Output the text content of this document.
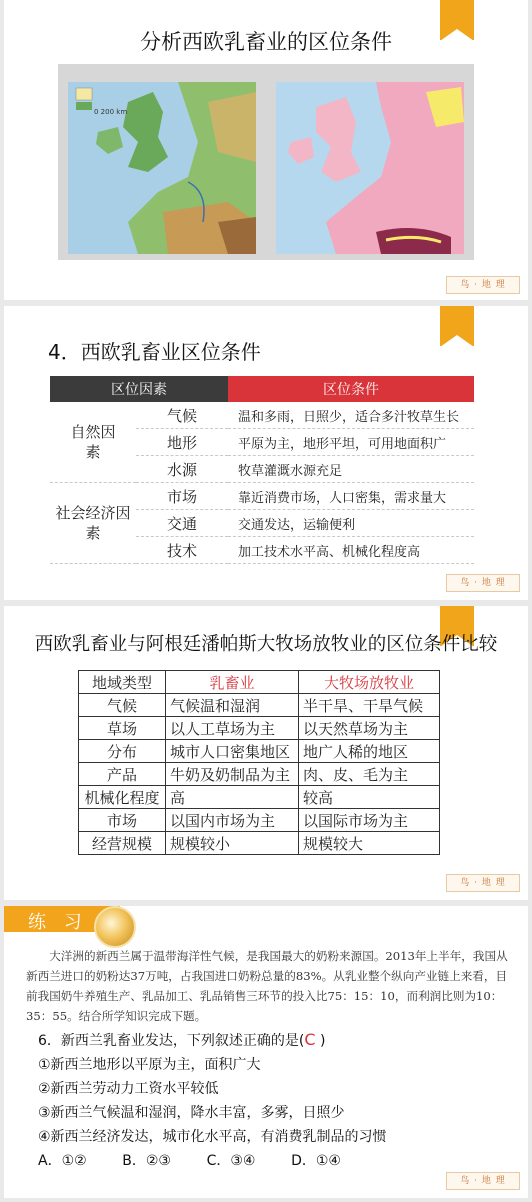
分析西欧乳畜业的区位条件
0 200 km
鸟 · 地 理
4．西欧乳畜业区位条件
区位因素		区位条件
自然因素	气候	温和多雨，日照少，适合多汁牧草生长
	地形	平原为主，地形平坦，可用地面积广
	水源	牧草灌溉水源充足
社会经济因素	市场	靠近消费市场，人口密集，需求量大
	交通	交通发达，运输便利
	技术	加工技术水平高、机械化程度高
鸟 · 地 理
西欧乳畜业与阿根廷潘帕斯大牧场放牧业的区位条件比较
地域类型	乳畜业	大牧场放牧业
气候	气候温和湿润	半干旱、干旱气候
草场	以人工草场为主	以天然草场为主
分布	城市人口密集地区	地广人稀的地区
产品	牛奶及奶制品为主	肉、皮、毛为主
机械化程度	高	较高
市场	以国内市场为主	以国际市场为主
经营规模	规模较小	规模较大
鸟 · 地 理
练 习
大洋洲的新西兰属于温带海洋性气候，是我国最大的奶粉来源国。2013年上半年，我国从新西兰进口的奶粉达37万吨，占我国进口奶粉总量的83%。从乳业整个纵向产业链上来看，目前我国奶牛养殖生产、乳品加工、乳品销售三环节的投入比75：15：10，而利润比则为10：35：55。结合所学知识完成下题。
6．新西兰乳畜业发达，下列叙述正确的是(C )
①新西兰地形以平原为主，面积广大
②新西兰劳动力工资水平较低
③新西兰气候温和湿润，降水丰富，多雾，日照少
④新西兰经济发达，城市化水平高，有消费乳制品的习惯
A．①②        B．②③        C．③④        D．①④
鸟 · 地 理
